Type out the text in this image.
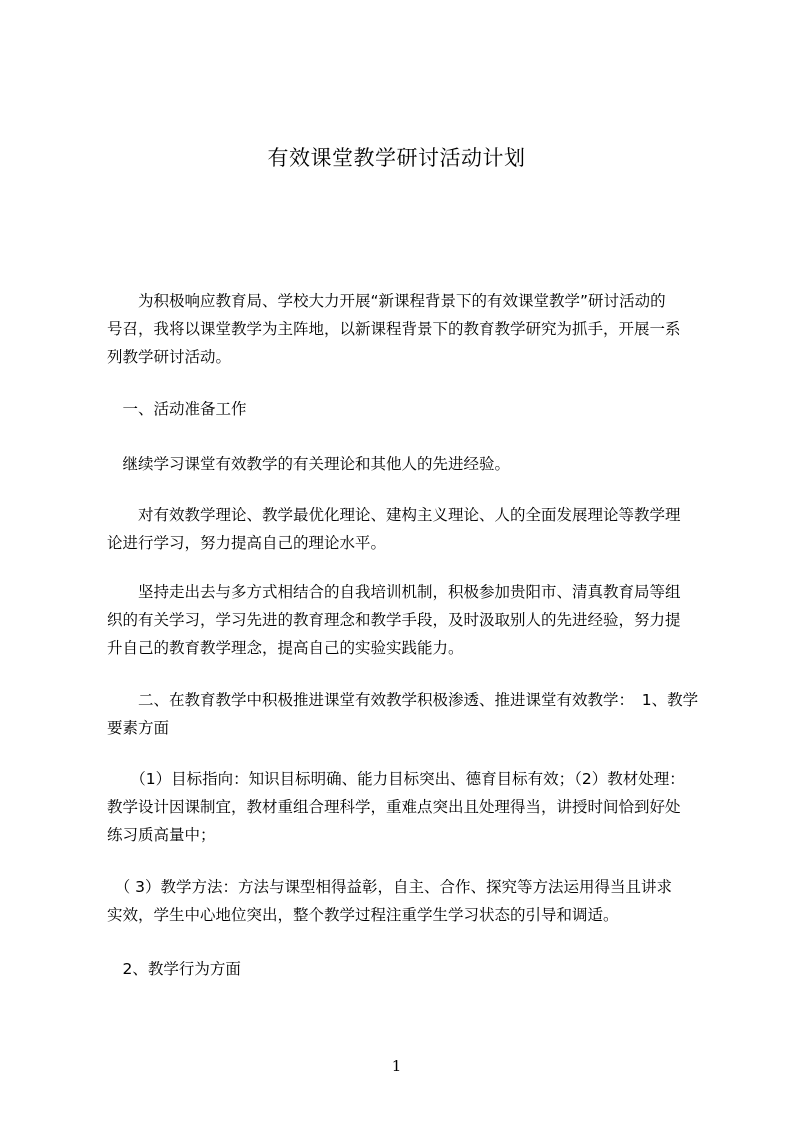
有效课堂教学研讨活动计划

　　为积极响应教育局、学校大力开展“新课程背景下的有效课堂教学”研讨活动的
号召，我将以课堂教学为主阵地，以新课程背景下的教育教学研究为抓手，开展一系
列教学研讨活动。

　一、活动准备工作

　继续学习课堂有效教学的有关理论和其他人的先进经验。

　　对有效教学理论、教学最优化理论、建构主义理论、人的全面发展理论等教学理
论进行学习，努力提高自己的理论水平。

　　坚持走出去与多方式相结合的自我培训机制，积极参加贵阳市、清真教育局等组
织的有关学习，学习先进的教育理念和教学手段，及时汲取别人的先进经验，努力提
升自己的教育教学理念，提高自己的实验实践能力。

　　二、在教育教学中积极推进课堂有效教学积极渗透、推进课堂有效教学：　1、教学
要素方面

　　（1）目标指向：知识目标明确、能力目标突出、德育目标有效；（2）教材处理：
教学设计因课制宜，教材重组合理科学，重难点突出且处理得当，讲授时间恰到好处
练习质高量中；

　（ 3）教学方法：方法与课型相得益彰，自主、合作、探究等方法运用得当且讲求
实效，学生中心地位突出，整个教学过程注重学生学习状态的引导和调适。

　2、教学行为方面

1
